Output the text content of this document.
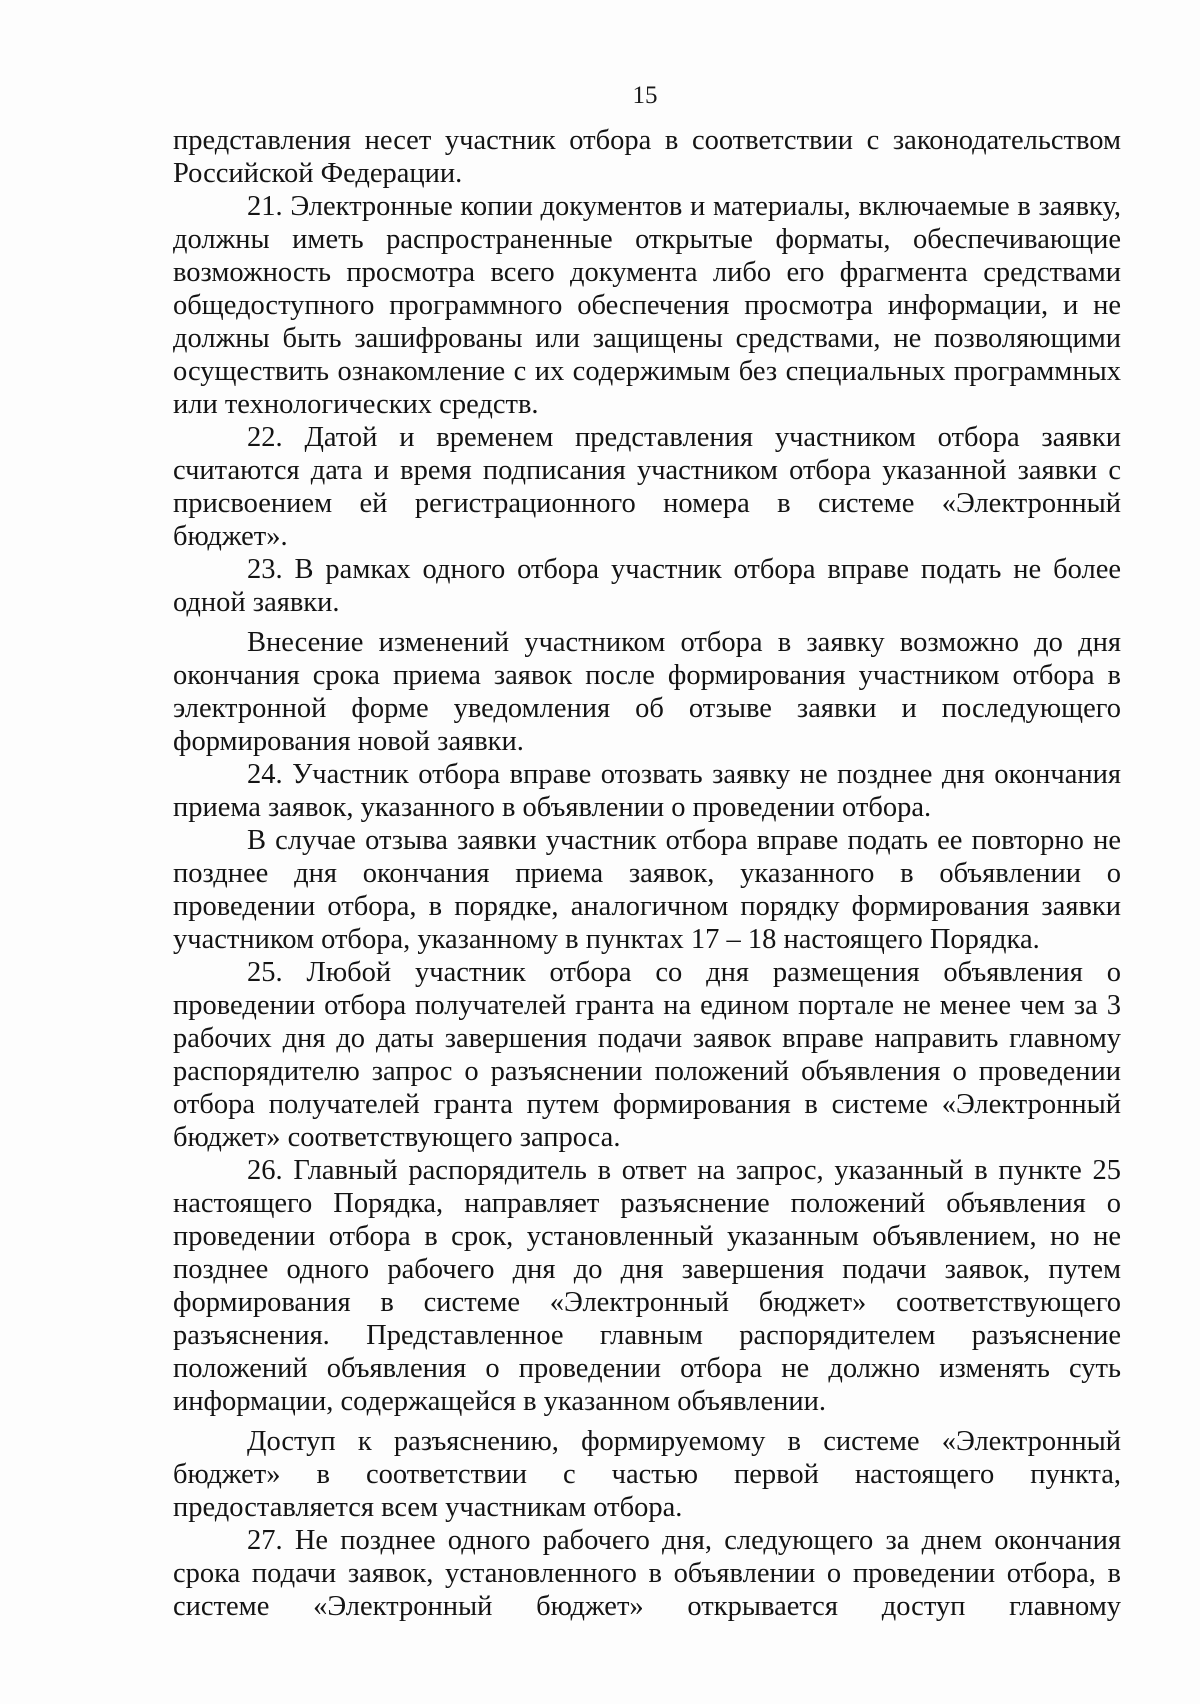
15

представления несет участник отбора в соответствии с законодательством Российской Федерации.

21. Электронные копии документов и материалы, включаемые в заявку, должны иметь распространенные открытые форматы, обеспечивающие возможность просмотра всего документа либо его фрагмента средствами общедоступного программного обеспечения просмотра информации, и не должны быть зашифрованы или защищены средствами, не позволяющими осуществить ознакомление с их содержимым без специальных программных или технологических средств.

22. Датой и временем представления участником отбора заявки считаются дата и время подписания участником отбора указанной заявки с присвоением ей регистрационного номера в системе «Электронный бюджет».

23. В рамках одного отбора участник отбора вправе подать не более одной заявки.

Внесение изменений участником отбора в заявку возможно до дня окончания срока приема заявок после формирования участником отбора в электронной форме уведомления об отзыве заявки и последующего формирования новой заявки.

24. Участник отбора вправе отозвать заявку не позднее дня окончания приема заявок, указанного в объявлении о проведении отбора.

В случае отзыва заявки участник отбора вправе подать ее повторно не позднее дня окончания приема заявок, указанного в объявлении о проведении отбора, в порядке, аналогичном порядку формирования заявки участником отбора, указанному в пунктах 17 – 18 настоящего Порядка.

25. Любой участник отбора со дня размещения объявления о проведении отбора получателей гранта на едином портале не менее чем за 3 рабочих дня до даты завершения подачи заявок вправе направить главному распорядителю запрос о разъяснении положений объявления о проведении отбора получателей гранта путем формирования в системе «Электронный бюджет» соответствующего запроса.

26. Главный распорядитель в ответ на запрос, указанный в пункте 25 настоящего Порядка, направляет разъяснение положений объявления о проведении отбора в срок, установленный указанным объявлением, но не позднее одного рабочего дня до дня завершения подачи заявок, путем формирования в системе «Электронный бюджет» соответствующего разъяснения. Представленное главным распорядителем разъяснение положений объявления о проведении отбора не должно изменять суть информации, содержащейся в указанном объявлении.

Доступ к разъяснению, формируемому в системе «Электронный бюджет» в соответствии с частью первой настоящего пункта, предоставляется всем участникам отбора.

27. Не позднее одного рабочего дня, следующего за днем окончания срока подачи заявок, установленного в объявлении о проведении отбора, в системе «Электронный бюджет» открывается доступ главному
